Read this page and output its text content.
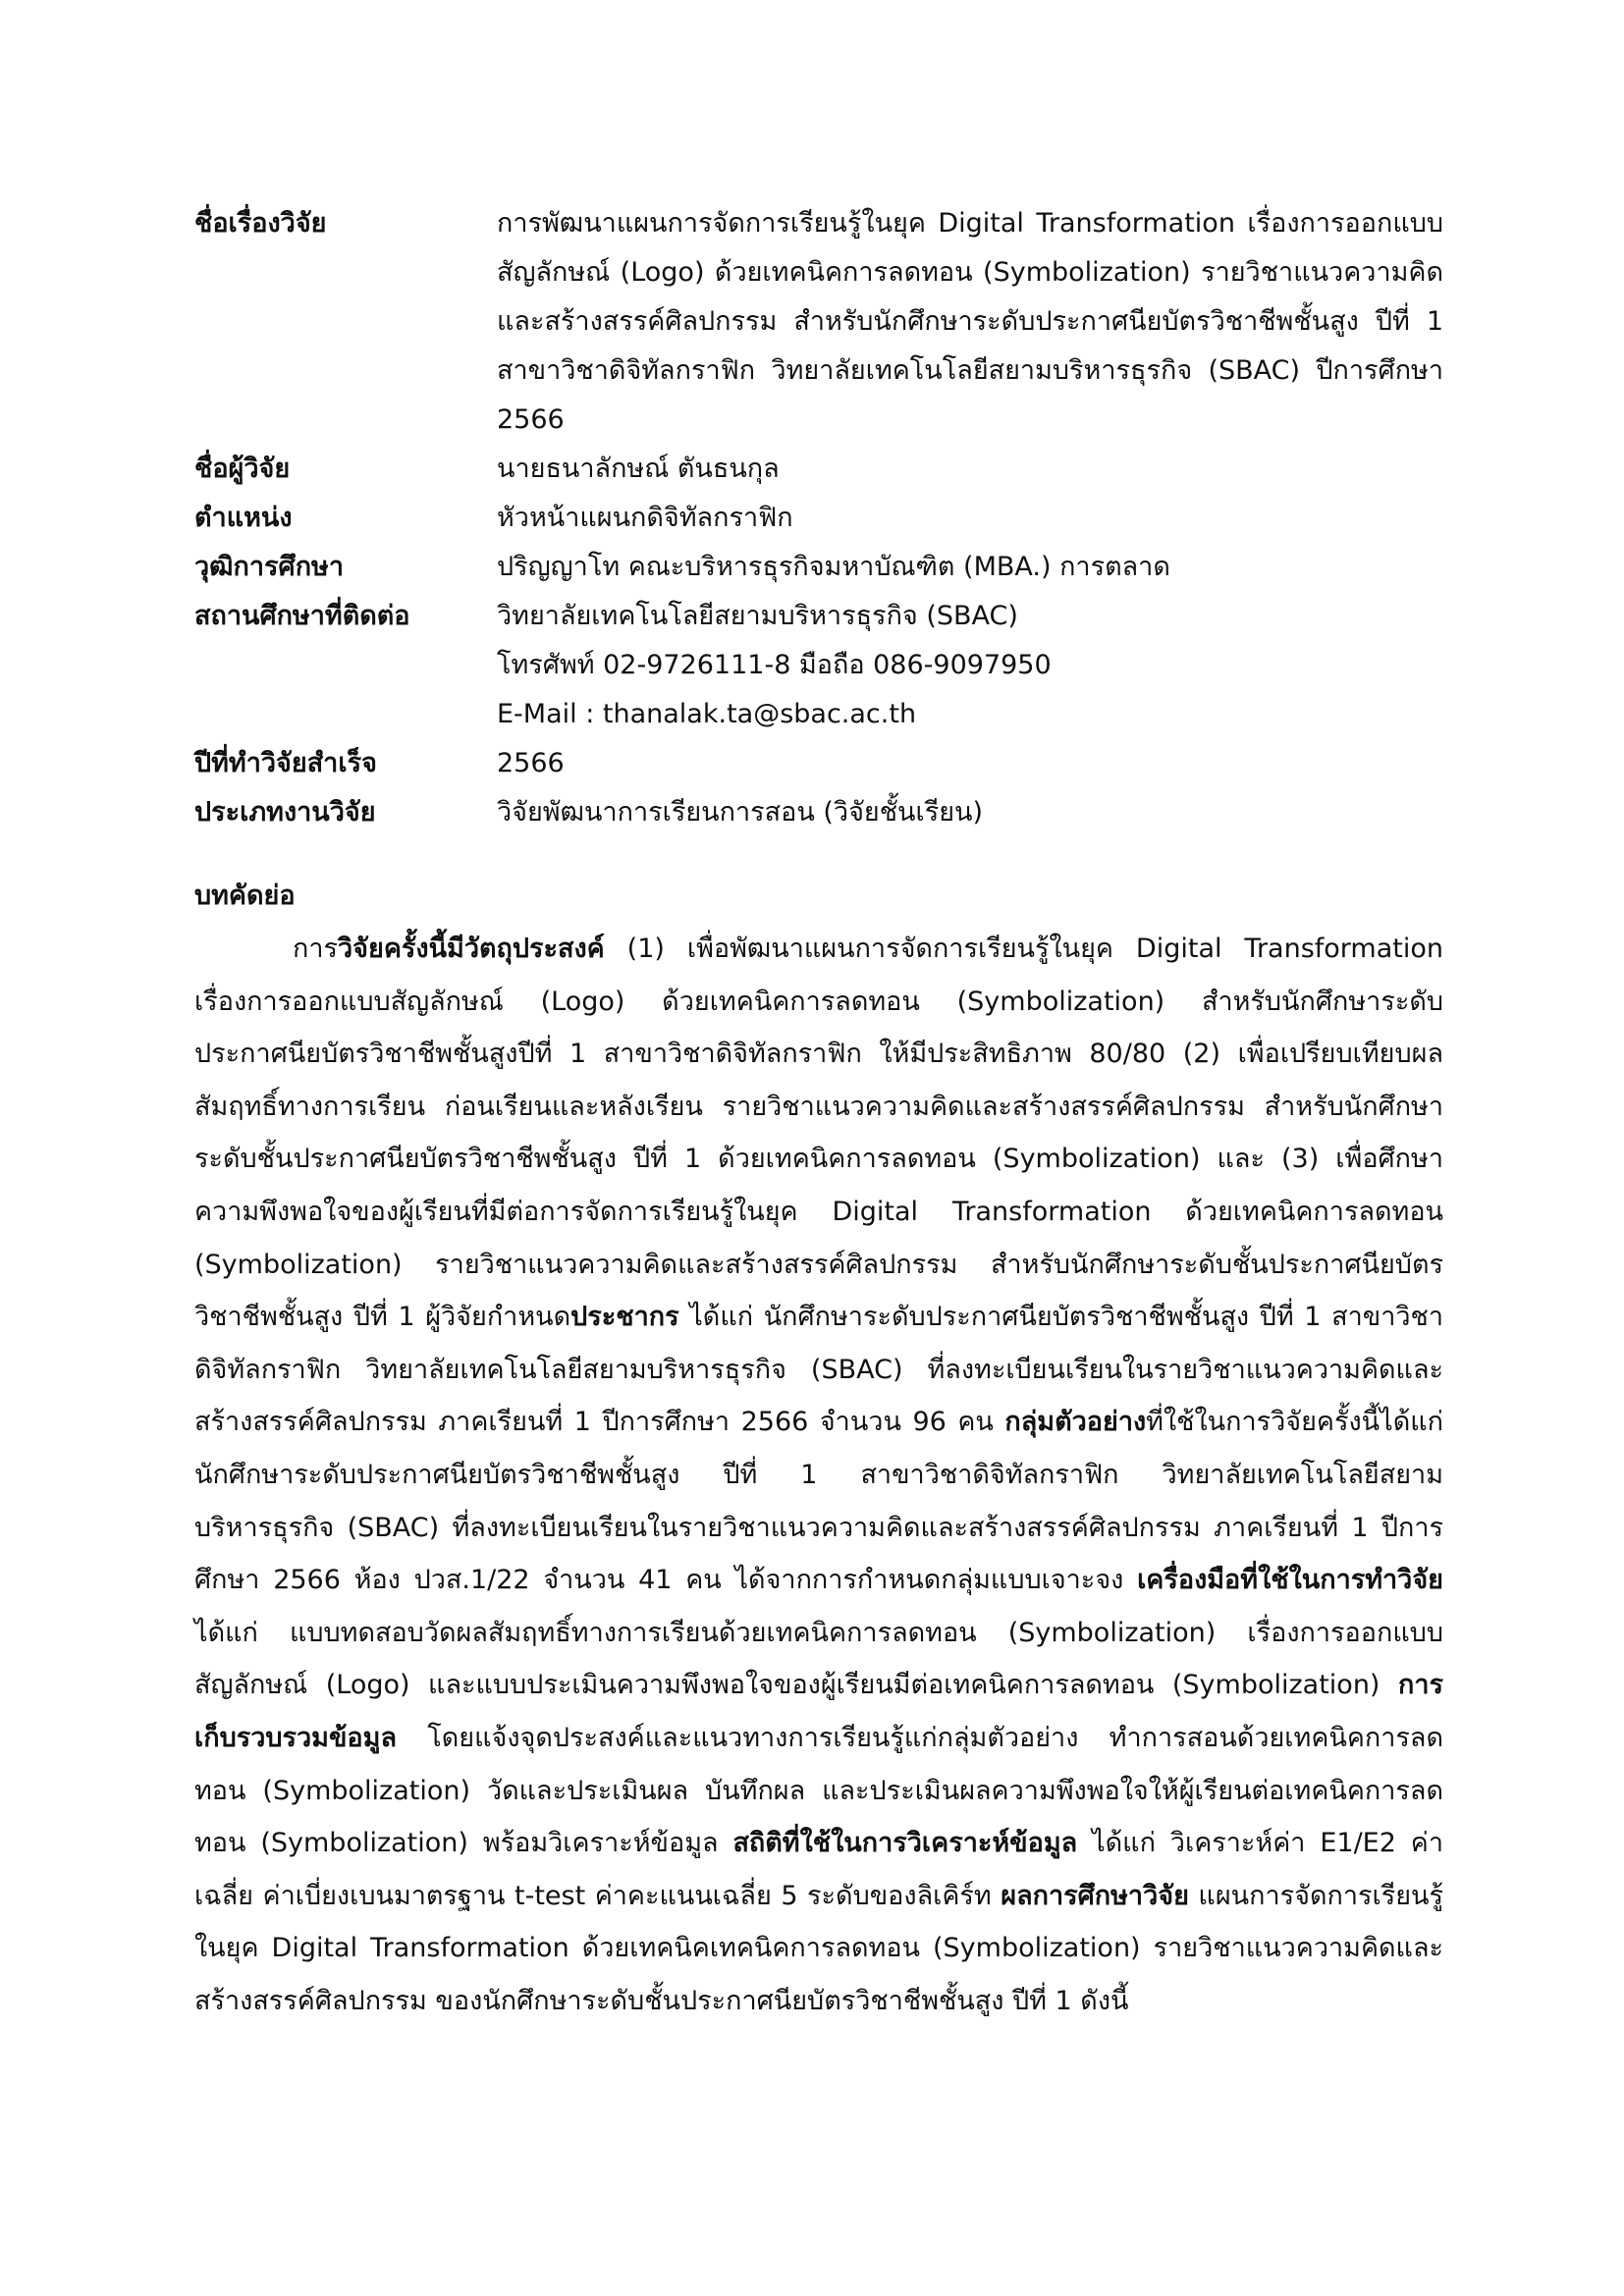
ชื่อเรื่องวิจัย	การพัฒนาแผนการจัดการเรียนรู้ในยุค Digital Transformation เรื่องการออกแบบสัญลักษณ์ (Logo) ด้วยเทคนิคการลดทอน (Symbolization) รายวิชาแนวความคิดและสร้างสรรค์ศิลปกรรม สำหรับนักศึกษาระดับประกาศนียบัตรวิชาชีพชั้นสูง ปีที่ 1 สาขาวิชาดิจิทัลกราฟิก วิทยาลัยเทคโนโลยีสยามบริหารธุรกิจ (SBAC) ปีการศึกษา 2566

ชื่อผู้วิจัย	นายธนาลักษณ์ ตันธนกุล

ตำแหน่ง	หัวหน้าแผนกดิจิทัลกราฟิก

วุฒิการศึกษา	ปริญญาโท คณะบริหารธุรกิจมหาบัณฑิต (MBA.) การตลาด

สถานศึกษาที่ติดต่อ	วิทยาลัยเทคโนโลยีสยามบริหารธุรกิจ (SBAC)
โทรศัพท์ 02-9726111-8 มือถือ 086-9097950
E-Mail : thanalak.ta@sbac.ac.th

ปีที่ทำวิจัยสำเร็จ	2566

ประเภทงานวิจัย	วิจัยพัฒนาการเรียนการสอน (วิจัยชั้นเรียน)
บทคัดย่อ

การวิจัยครั้งนี้มีวัตถุประสงค์ (1) เพื่อพัฒนาแผนการจัดการเรียนรู้ในยุค Digital Transformation เรื่องการออกแบบสัญลักษณ์ (Logo) ด้วยเทคนิคการลดทอน (Symbolization) สำหรับนักศึกษาระดับประกาศนียบัตรวิชาชีพชั้นสูงปีที่ 1 สาขาวิชาดิจิทัลกราฟิก ให้มีประสิทธิภาพ 80/80 (2) เพื่อเปรียบเทียบผลสัมฤทธิ์ทางการเรียน ก่อนเรียนและหลังเรียน รายวิชาแนวความคิดและสร้างสรรค์ศิลปกรรม สำหรับนักศึกษาระดับชั้นประกาศนียบัตรวิชาชีพชั้นสูง ปีที่ 1 ด้วยเทคนิคการลดทอน (Symbolization) และ (3) เพื่อศึกษาความพึงพอใจของผู้เรียนที่มีต่อการจัดการเรียนรู้ในยุค Digital Transformation ด้วยเทคนิคการลดทอน (Symbolization) รายวิชาแนวความคิดและสร้างสรรค์ศิลปกรรม สำหรับนักศึกษาระดับชั้นประกาศนียบัตรวิชาชีพชั้นสูง ปีที่ 1 ผู้วิจัยกำหนดประชากร ได้แก่ นักศึกษาระดับประกาศนียบัตรวิชาชีพชั้นสูง ปีที่ 1 สาขาวิชาดิจิทัลกราฟิก วิทยาลัยเทคโนโลยีสยามบริหารธุรกิจ (SBAC) ที่ลงทะเบียนเรียนในรายวิชาแนวความคิดและสร้างสรรค์ศิลปกรรม ภาคเรียนที่ 1 ปีการศึกษา 2566 จำนวน 96 คน กลุ่มตัวอย่างที่ใช้ในการวิจัยครั้งนี้ได้แก่ นักศึกษาระดับประกาศนียบัตรวิชาชีพชั้นสูง ปีที่ 1 สาขาวิชาดิจิทัลกราฟิก วิทยาลัยเทคโนโลยีสยามบริหารธุรกิจ (SBAC) ที่ลงทะเบียนเรียนในรายวิชาแนวความคิดและสร้างสรรค์ศิลปกรรม ภาคเรียนที่ 1 ปีการศึกษา 2566 ห้อง ปวส.1/22 จำนวน 41 คน ได้จากการกำหนดกลุ่มแบบเจาะจง เครื่องมือที่ใช้ในการทำวิจัย ได้แก่ แบบทดสอบวัดผลสัมฤทธิ์ทางการเรียนด้วยเทคนิคการลดทอน (Symbolization) เรื่องการออกแบบสัญลักษณ์ (Logo) และแบบประเมินความพึงพอใจของผู้เรียนมีต่อเทคนิคการลดทอน (Symbolization) การเก็บรวบรวมข้อมูล โดยแจ้งจุดประสงค์และแนวทางการเรียนรู้แก่กลุ่มตัวอย่าง ทำการสอนด้วยเทคนิคการลดทอน (Symbolization) วัดและประเมินผล บันทึกผล และประเมินผลความพึงพอใจให้ผู้เรียนต่อเทคนิคการลดทอน (Symbolization) พร้อมวิเคราะห์ข้อมูล สถิติที่ใช้ในการวิเคราะห์ข้อมูล ได้แก่ วิเคราะห์ค่า E1/E2 ค่าเฉลี่ย ค่าเบี่ยงเบนมาตรฐาน t-test ค่าคะแนนเฉลี่ย 5 ระดับของลิเคิร์ท ผลการศึกษาวิจัย แผนการจัดการเรียนรู้ในยุค Digital Transformation ด้วยเทคนิคเทคนิคการลดทอน (Symbolization) รายวิชาแนวความคิดและสร้างสรรค์ศิลปกรรม ของนักศึกษาระดับชั้นประกาศนียบัตรวิชาชีพชั้นสูง ปีที่ 1 ดังนี้
